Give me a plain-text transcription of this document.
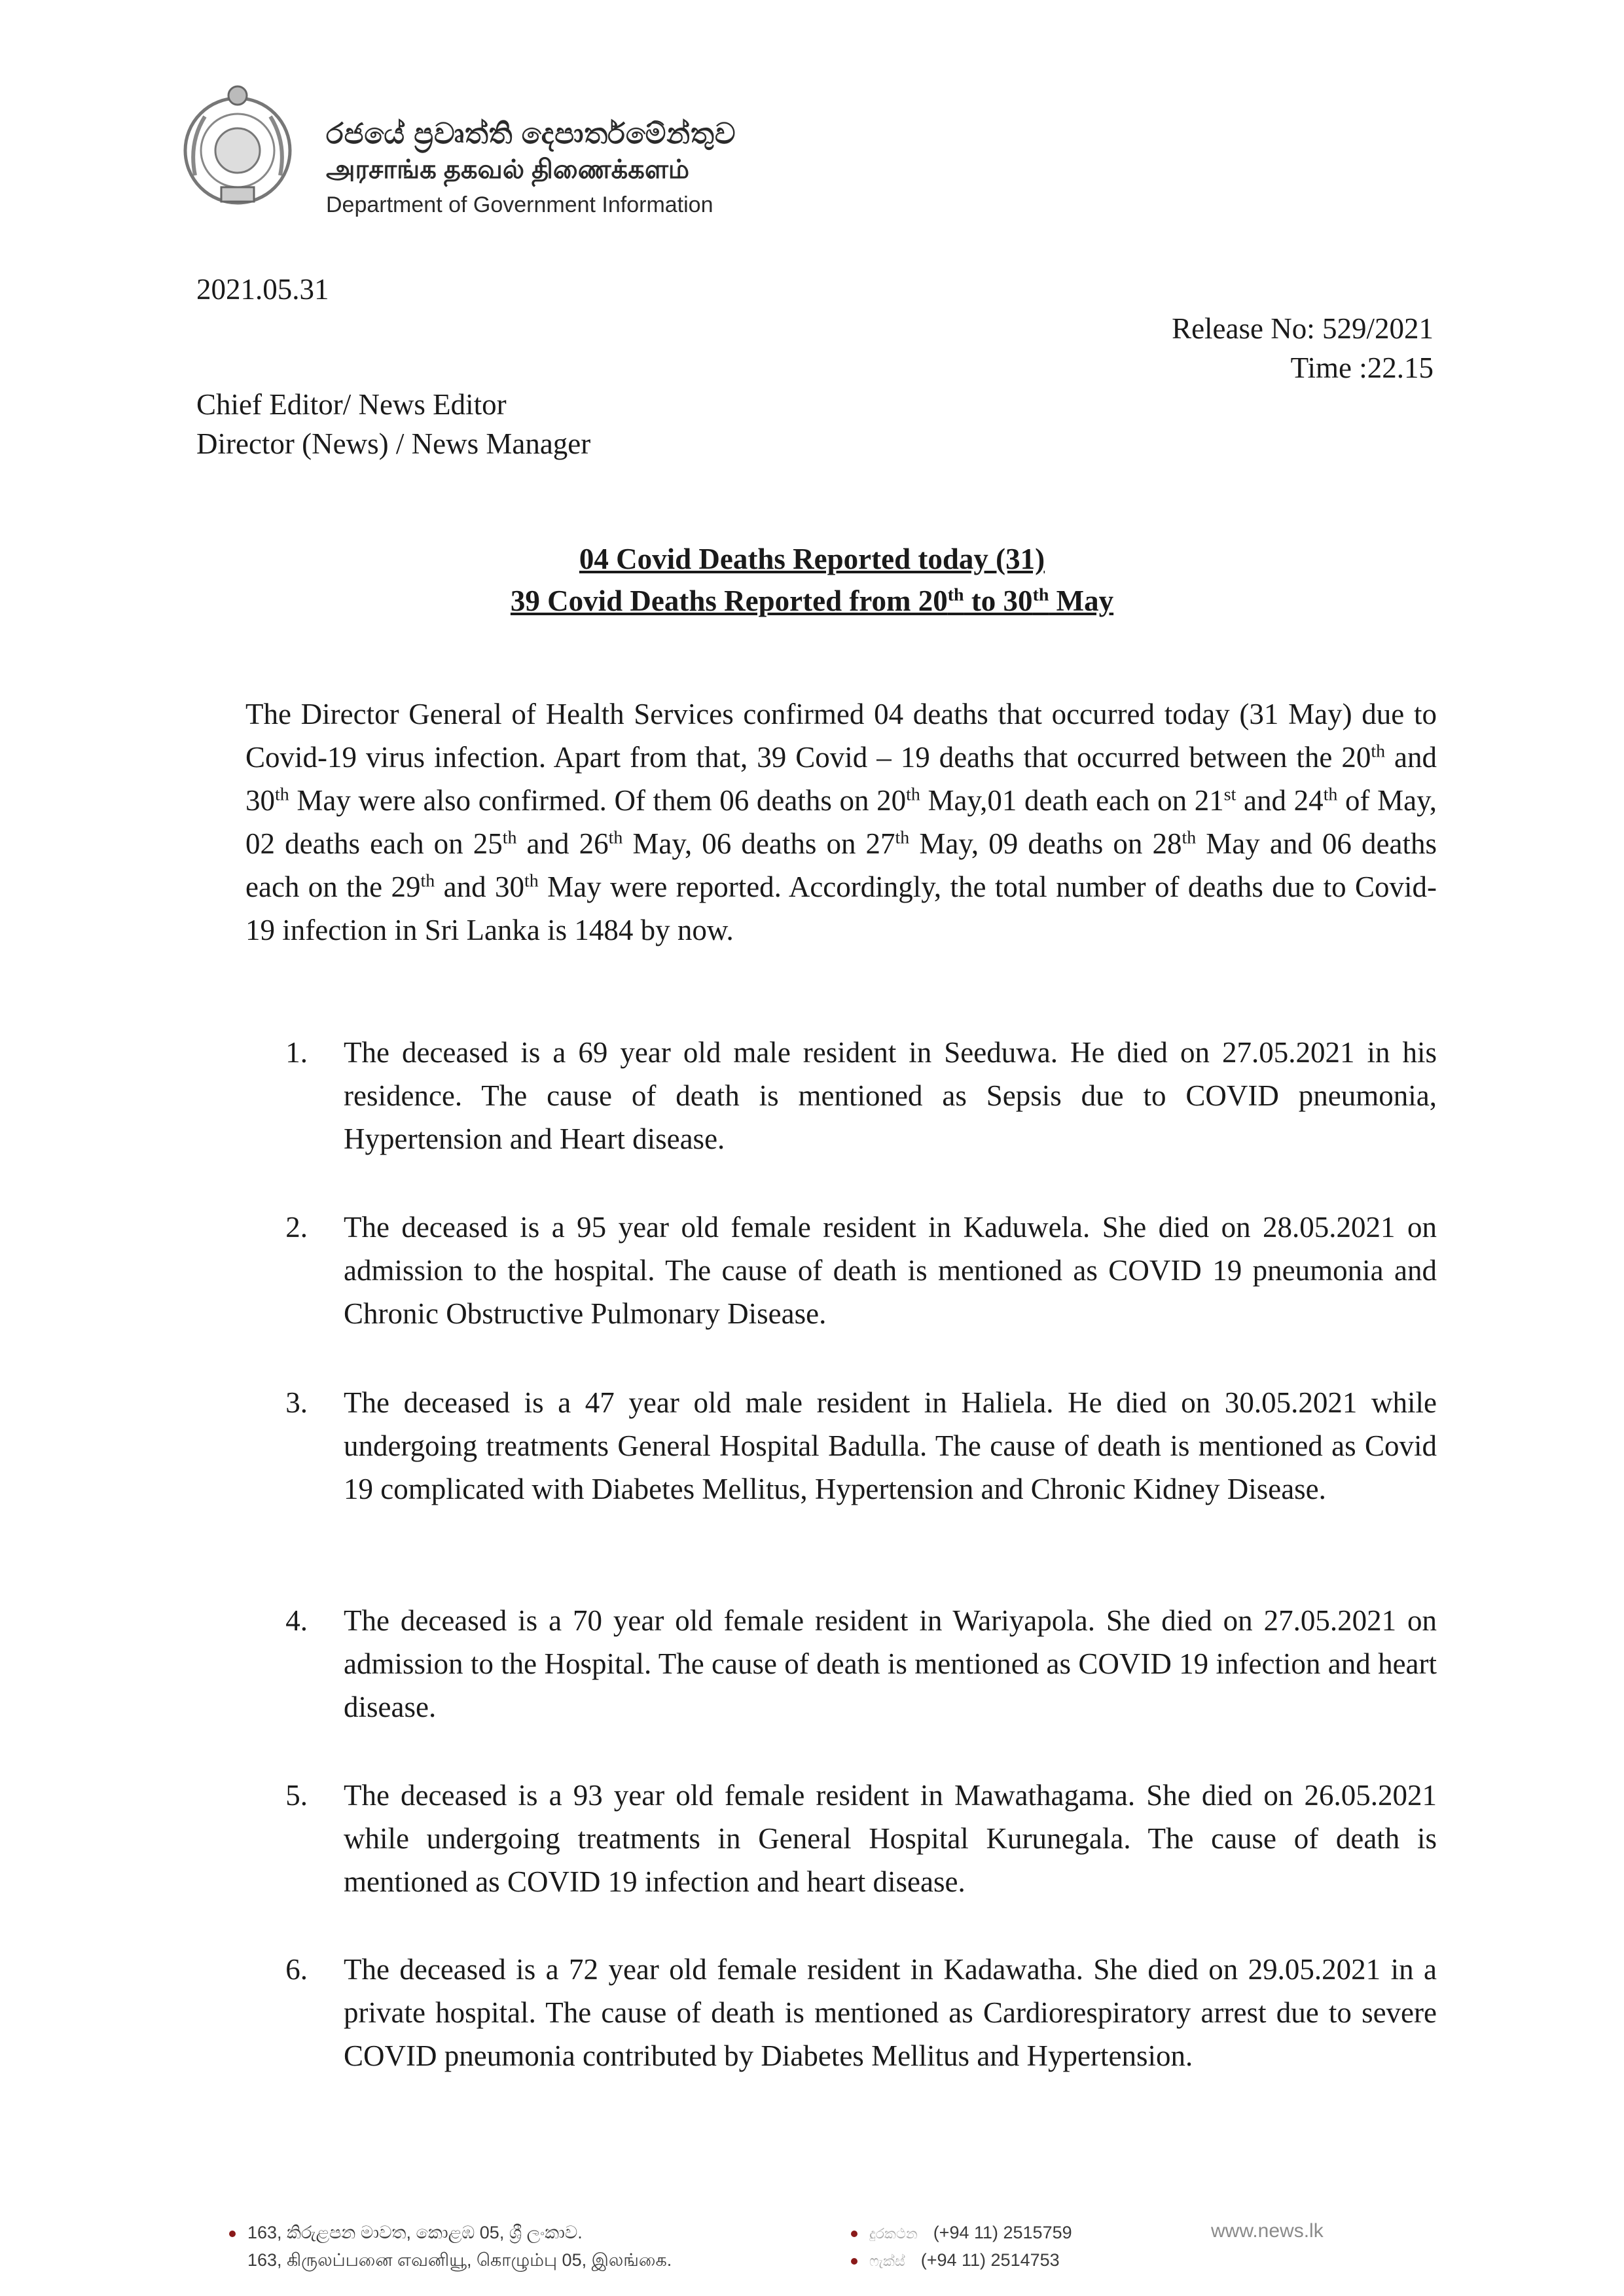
රජයේ ප්‍රවෘත්ති දෙපාර්තමේන්තුව
அரசாங்க தகவல் திணைக்களம்
Department of Government Information
2021.05.31
Release No: 529/2021
Time :22.15
Chief Editor/ News Editor
Director (News) / News Manager
04 Covid Deaths Reported today (31)
39 Covid Deaths Reported from 20th to 30th May
The Director General of Health Services confirmed 04 deaths that occurred today (31 May) due to Covid-19 virus infection. Apart from that, 39 Covid – 19 deaths that occurred between the 20th and 30th May were also confirmed. Of them 06 deaths on 20th May,01 death each on 21st and 24th of May, 02 deaths each on 25th and 26th May, 06 deaths on 27th May, 09 deaths on 28th May and 06 deaths each on the 29th and 30th May were reported. Accordingly, the total number of deaths due to Covid-19 infection in Sri Lanka is 1484 by now.
1. The deceased is a 69 year old male resident in Seeduwa. He died on 27.05.2021 in his residence. The cause of death is mentioned as Sepsis due to COVID pneumonia, Hypertension and Heart disease.
2. The deceased is a 95 year old female resident in Kaduwela. She died on 28.05.2021 on admission to the hospital. The cause of death is mentioned as COVID 19 pneumonia and Chronic Obstructive Pulmonary Disease.
3. The deceased is a 47 year old male resident in Haliela. He died on 30.05.2021 while undergoing treatments General Hospital Badulla. The cause of death is mentioned as Covid 19 complicated with Diabetes Mellitus, Hypertension and Chronic Kidney Disease.
4. The deceased is a 70 year old female resident in Wariyapola. She died on 27.05.2021 on admission to the Hospital. The cause of death is mentioned as COVID 19 infection and heart disease.
5. The deceased is a 93 year old female resident in Mawathagama. She died on 26.05.2021 while undergoing treatments in General Hospital Kurunegala. The cause of death is mentioned as COVID 19 infection and heart disease.
6. The deceased is a 72 year old female resident in Kadawatha. She died on 29.05.2021 in a private hospital. The cause of death is mentioned as Cardiorespiratory arrest due to severe COVID pneumonia contributed by Diabetes Mellitus and Hypertension.
163, කිරුළපන මාවත, කොළඹ 05, ශ්‍රී ලංකාව.
163, கிருலப்பனை எவனியூ, கொழும்பு 05, இலங்கை.
දුරකථන (+94 11) 2515759
ෆැක්ස් (+94 11) 2514753
www.news.lk
